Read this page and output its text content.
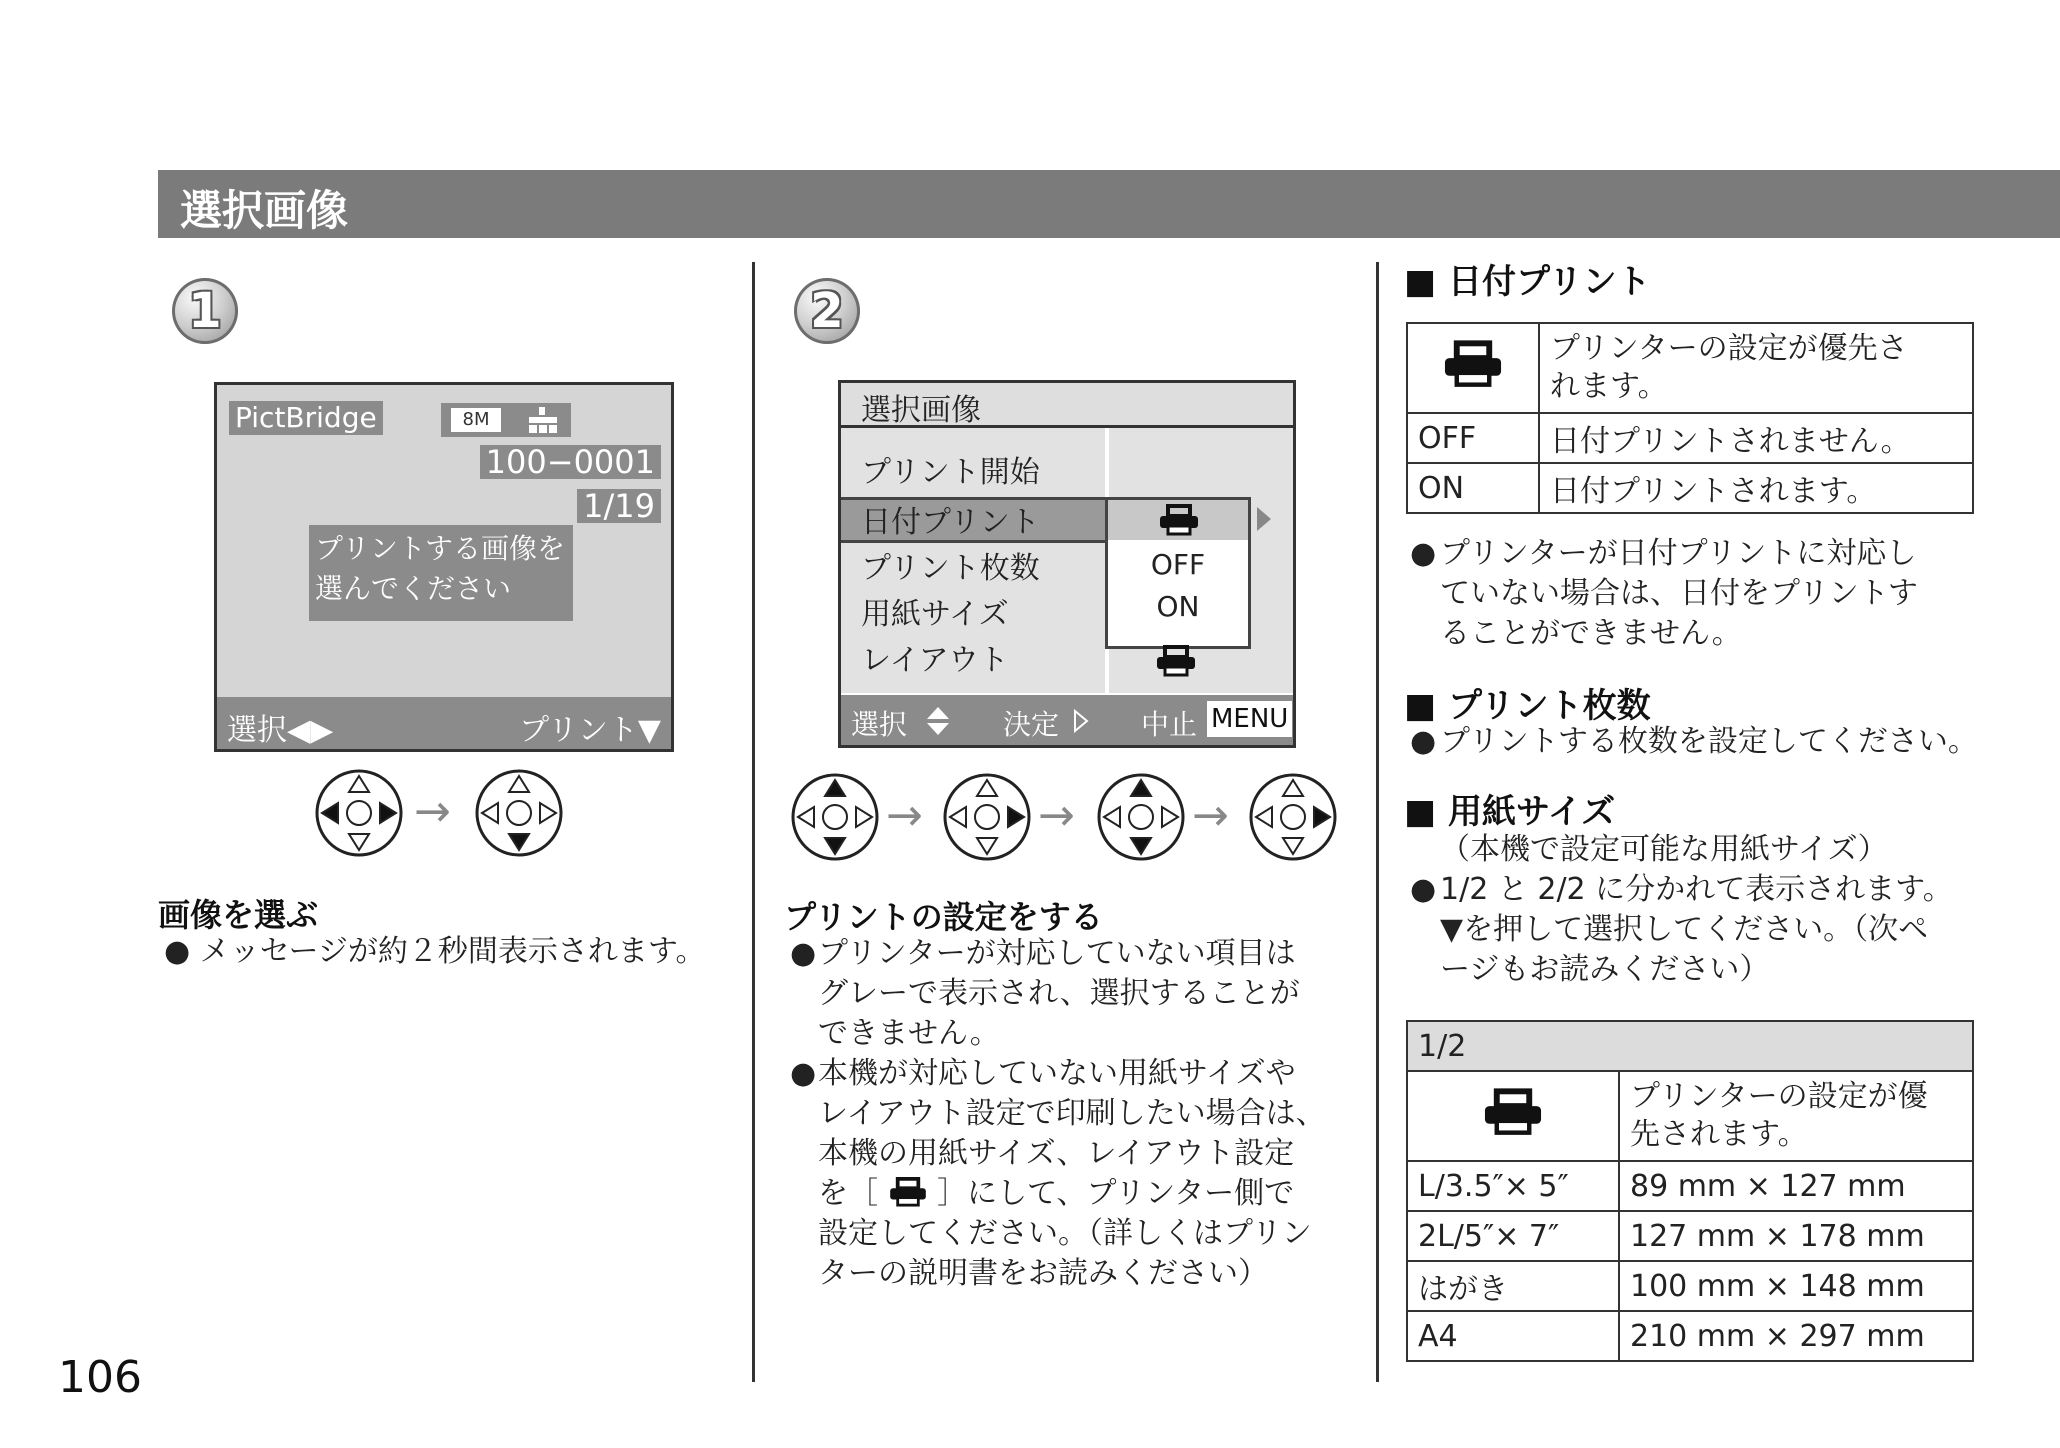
選択画像
1
PictBridge	8M
100−0001
1/19
プリントする画像を
選んでください
選択◀▶	プリント▼
→
画像を選ぶ
● メッセージが約２秒間表示されます。
2
選択画像
プリント開始
日付プリント
プリント枚数
用紙サイズ
レイアウト
OFF
ON
選択	決定	中止 MENU
→	→	→
プリントの設定をする
● プリンターが対応していない項目は
グレーで表示され、選択することが
できません。
● 本機が対応していない用紙サイズや
レイアウト設定で印刷したい場合は、
本機の用紙サイズ、レイアウト設定
を［ ］にして、プリンター側で
設定してください。（詳しくはプリン
ターの説明書をお読みください）
■ 日付プリント

プリンターの設定が優先さ
れます。

OFF	日付プリントされません。
ON	日付プリントされます。
● プリンターが日付プリントに対応し
ていない場合は、日付をプリントす
ることができません。
■ プリント枚数
● プリントする枚数を設定してください。
■ 用紙サイズ
（本機で設定可能な用紙サイズ）
● 1/2 と 2/2 に分かれて表示されます。
▼を押して選択してください。（次ペ
ージもお読みください）
1/2	

プリンターの設定が優
先されます。

L/3.5″× 5″	89 mm × 127 mm
2L/5″× 7″	127 mm × 178 mm
はがき	100 mm × 148 mm
A4	210 mm × 297 mm
106
